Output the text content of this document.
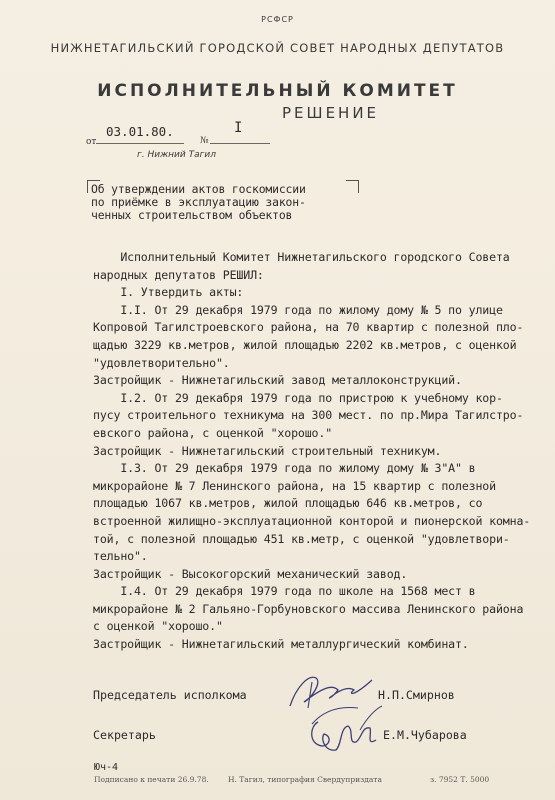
РСФСР
НИЖНЕТАГИЛЬСКИЙ ГОРОДСКОЙ СОВЕТ НАРОДНЫХ ДЕПУТАТОВ
ИСПОЛНИТЕЛЬНЫЙ КОМИТЕТ
РЕШЕНИЕ
от
03.01.80.
№
I
г. Нижний Тагил
Об утверждении актов госкомиссии
по приёмке в эксплуатацию закон-
ченных строительством объектов
Исполнительный Комитет Нижнетагильского городского Совета
народных депутатов РЕШИЛ:
I. Утвердить акты:
I.I. От 29 декабря 1979 года по жилому дому № 5 по улице
Копровой Тагилстроевского района, на 70 квартир с полезной пло-
щадью 3229 кв.метров, жилой площадью 2202 кв.метров, с оценкой
"удовлетворительно".
Застройщик - Нижнетагильский завод металлоконструкций.
I.2. От 29 декабря 1979 года по пристрою к учебному кор-
пусу строительного техникума на 300 мест. по пр.Мира Тагилстро-
евского района, с оценкой "хорошо."
Застройщик - Нижнетагильский строительный техникум.
I.3. От 29 декабря 1979 года по жилому дому № 3"А" в
микрорайоне № 7 Ленинского района, на 15 квартир с полезной
площадью 1067 кв.метров, жилой площадью 646 кв.метров, со
встроенной жилищно-эксплуатационной конторой и пионерской комна-
той, с полезной площадью 451 кв.метр, с оценкой "удовлетвори-
тельно".
Застройщик - Высокогорский механический завод.
I.4. От 29 декабря 1979 года по школе на 1568 мест в
микрорайоне № 2 Гальяно-Горбуновского массива Ленинского района
с оценкой "хорошо."
Застройщик - Нижнетагильский металлургический комбинат.
Председатель исполкома	Н.П.Смирнов
Секретарь	Е.М.Чубарова
Юч-4
Подписано к печати 26.9.78.	Н. Тагил, типография Свердуприздата	з. 7952 Т. 5000
